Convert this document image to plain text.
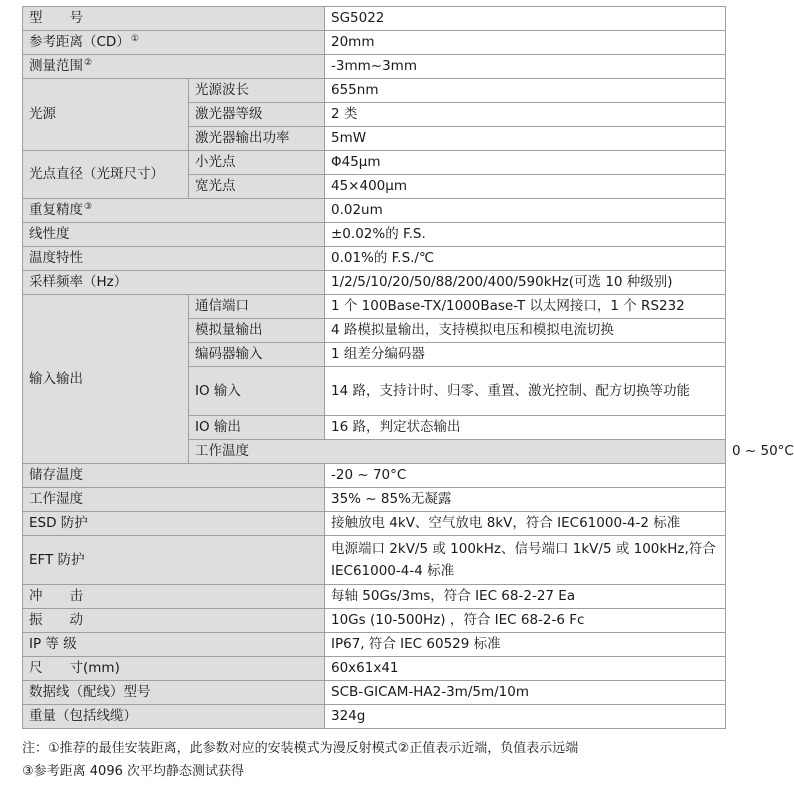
型　　号		SG5022	
参考距离（CD）①		20mm	
测量范围②		-3mm~3mm	
光源	光源波长	655nm	
	激光器等级	2 类	
	激光器输出功率	5mW	
光点直径（光斑尺寸）	小光点	Φ45μm	
	宽光点	45×400μm	
重复精度③		0.02um	
线性度		±0.02%的 F.S.	
温度特性		0.01%的 F.S./℃	
采样频率（Hz）		1/2/5/10/20/50/88/200/400/590kHz(可选 10 种级别)	
输入输出	通信端口	1 个 100Base-TX/1000Base-T 以太网接口，1 个 RS232	
	模拟量输出	4 路模拟量输出，支持模拟电压和模拟电流切换	
	编码器输入	1 组差分编码器	
	IO 输入	14 路，支持计时、归零、重置、激光控制、配方切换等功能	
	IO 输出	16 路，判定状态输出	
	工作温度		0 ~ 50°C
储存温度		-20 ~ 70°C	
工作湿度		35% ~ 85%无凝露	
ESD 防护		接触放电 4kV、空气放电 8kV，符合 IEC61000-4-2 标准	
EFT 防护		电源端口 2kV/5 或 100kHz、信号端口 1kV/5 或 100kHz,符合 IEC61000-4-4 标准	
冲　　击		每轴 50Gs/3ms，符合 IEC 68-2-27 Ea	
振　　动		10Gs (10-500Hz) ，符合 IEC 68-2-6 Fc	
IP 等 级		IP67, 符合 IEC 60529 标准	
尺　　寸(mm)		60x61x41	
数据线（配线）型号		SCB-GICAM-HA2-3m/5m/10m	
重量（包括线缆）		324g	
注：①推荐的最佳安装距离，此参数对应的安装模式为漫反射模式②正值表示近端，负值表示远端
③参考距离 4096 次平均静态测试获得
